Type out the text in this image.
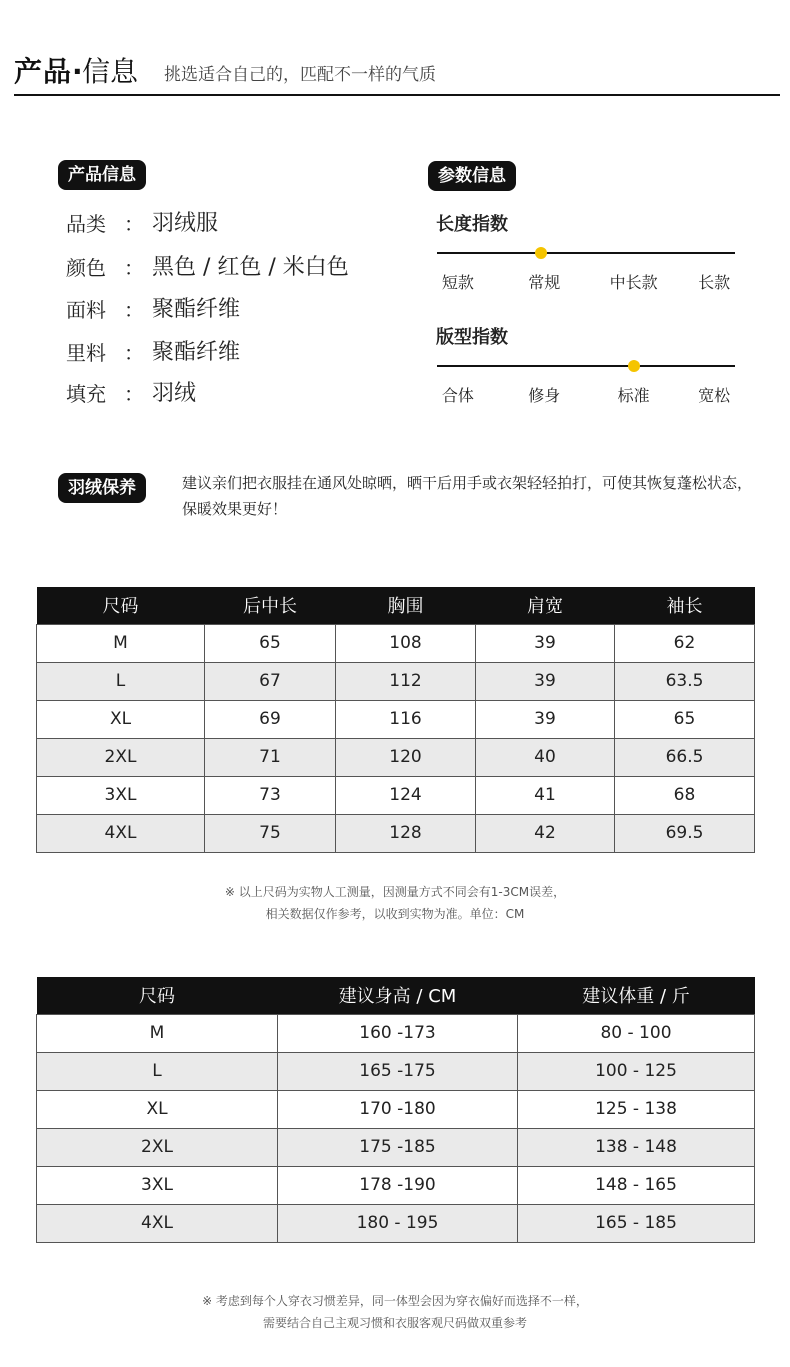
产品·
信息 挑选适合自己的，匹配不一样的气质
产品信息
品类 ： 羽绒服
颜色 ： 黑色 / 红色 / 米白色
面料 ： 聚酯纤维
里料 ： 聚酯纤维
填充 ： 羽绒
参数信息
长度指数
短款	常规	中长款	长款
版型指数
合体	修身	标准	宽松
羽绒保养	建议亲们把衣服挂在通风处晾晒，晒干后用手或衣架轻轻拍打，可使其恢复蓬松状态，保暖效果更好！
尺码	后中长	胸围	肩宽	袖长
M	65	108	39	62
L	67	112	39	63.5
XL	69	116	39	65
2XL	71	120	40	66.5
3XL	73	124	41	68
4XL	75	128	42	69.5
※ 以上尺码为实物人工测量，因测量方式不同会有1-3CM误差，
相关数据仅作参考，以收到实物为准。单位：CM
尺码	建议身高 / CM	建议体重 / 斤
M	160 -173	80 - 100
L	165 -175	100 - 125
XL	170 -180	125 - 138
2XL	175 -185	138 - 148
3XL	178 -190	148 - 165
4XL	180 - 195	165 - 185
※ 考虑到每个人穿衣习惯差异，同一体型会因为穿衣偏好而选择不一样，
需要结合自己主观习惯和衣服客观尺码做双重参考
